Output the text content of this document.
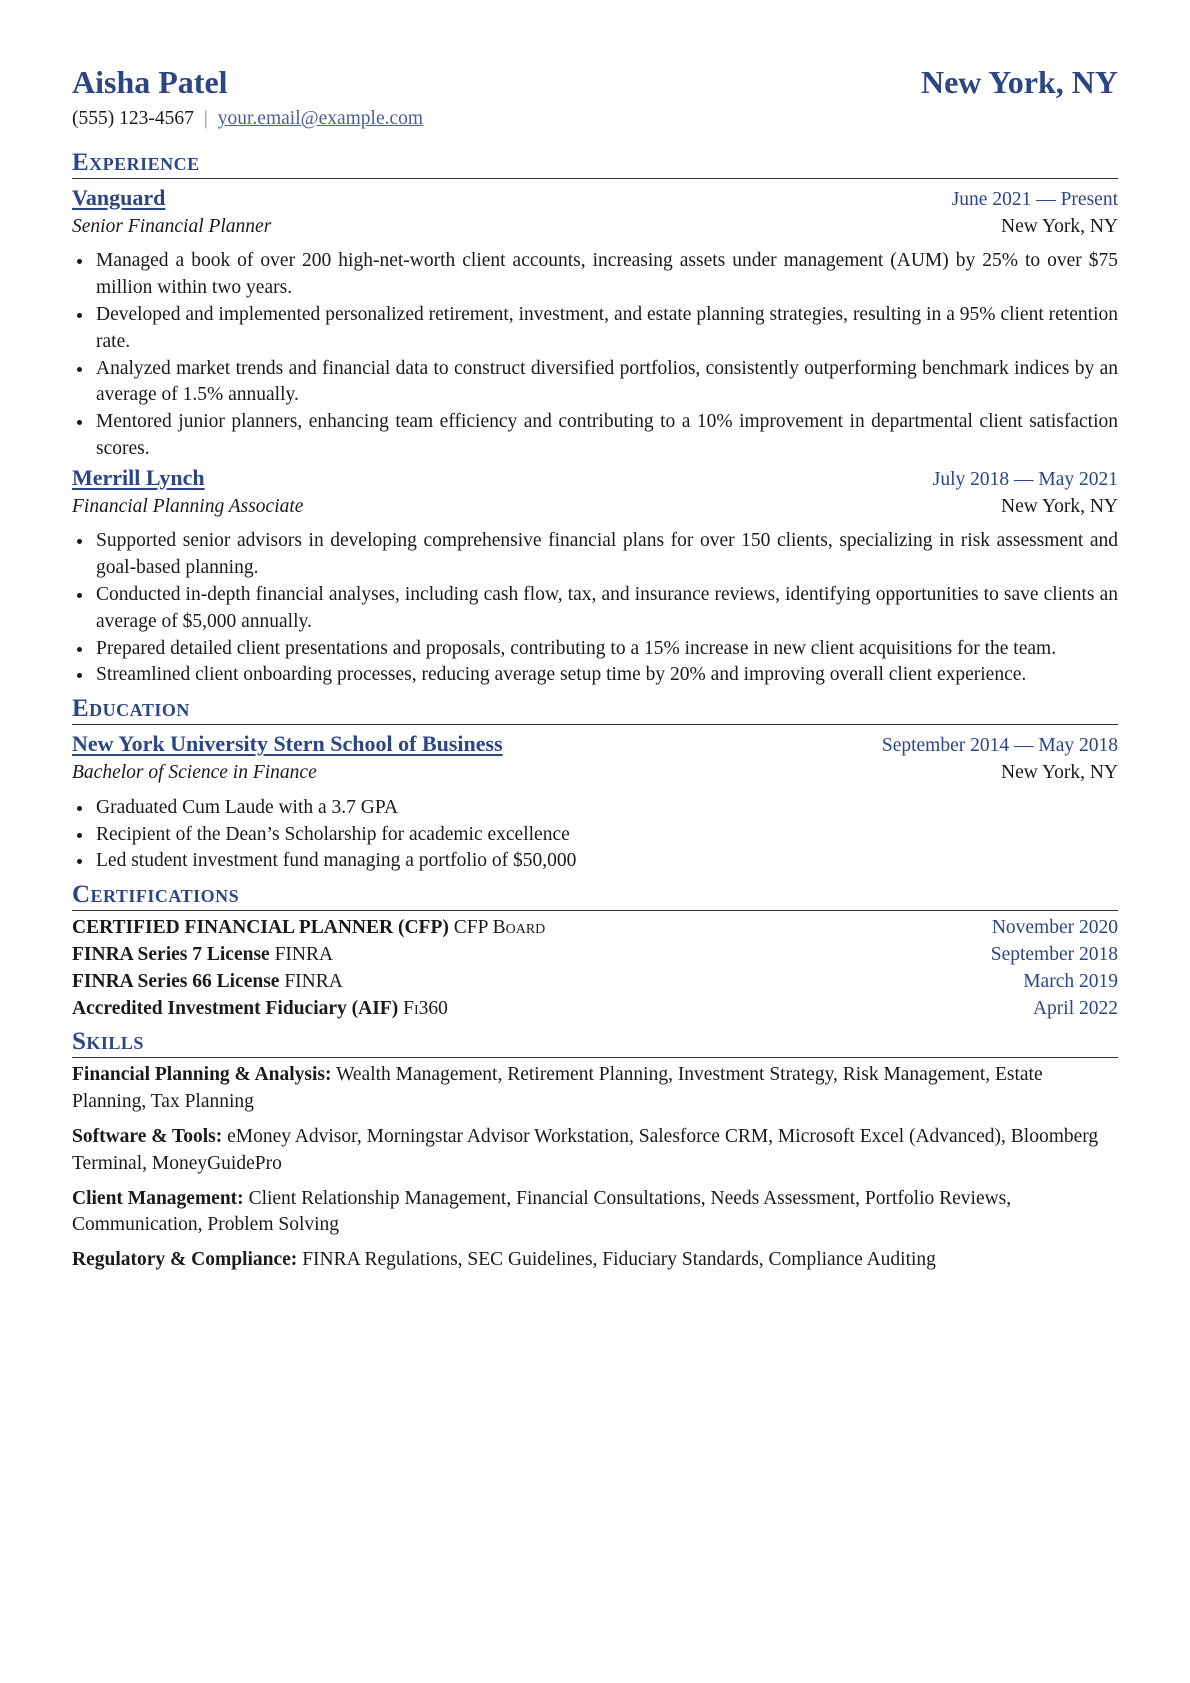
Aisha Patel	New York, NY
(555) 123-4567 | your.email@example.com
Experience
Vanguard	June 2021 — Present
Senior Financial Planner	New York, NY
Managed a book of over 200 high-net-worth client accounts, increasing assets under management (AUM) by 25% to over $75 million within two years.
Developed and implemented personalized retirement, investment, and estate planning strategies, resulting in a 95% client retention rate.
Analyzed market trends and financial data to construct diversified portfolios, consistently outperforming benchmark indices by an average of 1.5% annually.
Mentored junior planners, enhancing team efficiency and contributing to a 10% improvement in departmental client satisfaction scores.
Merrill Lynch	July 2018 — May 2021
Financial Planning Associate	New York, NY
Supported senior advisors in developing comprehensive financial plans for over 150 clients, specializing in risk assessment and goal-based planning.
Conducted in-depth financial analyses, including cash flow, tax, and insurance reviews, identifying opportunities to save clients an average of $5,000 annually.
Prepared detailed client presentations and proposals, contributing to a 15% increase in new client acquisitions for the team.
Streamlined client onboarding processes, reducing average setup time by 20% and improving overall client experience.
Education
New York University Stern School of Business	September 2014 — May 2018
Bachelor of Science in Finance	New York, NY
Graduated Cum Laude with a 3.7 GPA
Recipient of the Dean’s Scholarship for academic excellence
Led student investment fund managing a portfolio of $50,000
Certifications
CERTIFIED FINANCIAL PLANNER (CFP) CFP Board	November 2020
FINRA Series 7 License FINRA	September 2018
FINRA Series 66 License FINRA	March 2019
Accredited Investment Fiduciary (AIF) Fi360	April 2022
Skills
Financial Planning & Analysis: Wealth Management, Retirement Planning, Investment Strategy, Risk Management, Estate Planning, Tax Planning
Software & Tools: eMoney Advisor, Morningstar Advisor Workstation, Salesforce CRM, Microsoft Excel (Advanced), Bloomberg Terminal, MoneyGuidePro
Client Management: Client Relationship Management, Financial Consultations, Needs Assessment, Portfolio Reviews, Communication, Problem Solving
Regulatory & Compliance: FINRA Regulations, SEC Guidelines, Fiduciary Standards, Compliance Auditing
